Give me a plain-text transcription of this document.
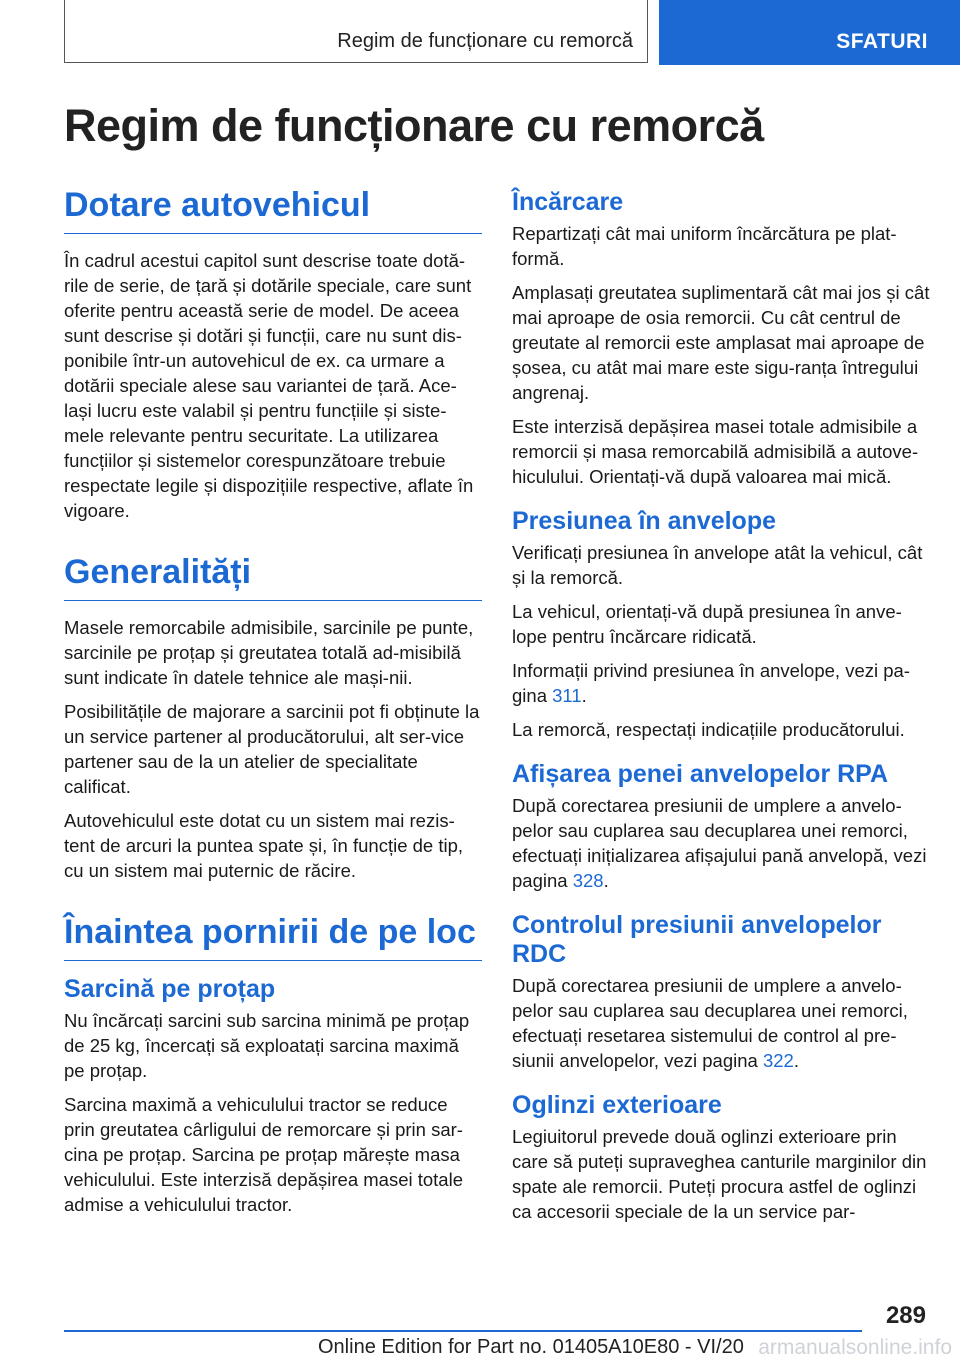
Regim de funcționare cu remorcă	SFATURI
Regim de funcționare cu remorcă
Dotare autovehicul

În cadrul acestui capitol sunt descrise toate dotă-rile de serie, de țară și dotările speciale, care sunt oferite pentru această serie de model. De aceea sunt descrise și dotări și funcții, care nu sunt dis-ponibile într-un autovehicul de ex. ca urmare a dotării speciale alese sau variantei de țară. Ace-lași lucru este valabil și pentru funcțiile și siste-mele relevante pentru securitate. La utilizarea funcțiilor și sistemelor corespunzătoare trebuie respectate legile și dispozițiile respective, aflate în vigoare.

Generalități

Masele remorcabile admisibile, sarcinile pe punte, sarcinile pe proțap și greutatea totală ad-misibilă sunt indicate în datele tehnice ale mași-nii.

Posibilitățile de majorare a sarcinii pot fi obținute la un service partener al producătorului, alt ser-vice partener sau de la un atelier de specialitate calificat.

Autovehiculul este dotat cu un sistem mai rezis-tent de arcuri la puntea spate și, în funcție de tip, cu un sistem mai puternic de răcire.

Înaintea pornirii de pe loc
Sarcină pe proțap

Nu încărcați sarcini sub sarcina minimă pe proțap de 25 kg, încercați să exploatați sarcina maximă pe proțap.

Sarcina maximă a vehiculului tractor se reduce prin greutatea cârligului de remorcare și prin sar-cina pe proțap. Sarcina pe proțap mărește masa vehiculului. Este interzisă depășirea masei totale admise a vehiculului tractor.

Încărcare

Repartizați cât mai uniform încărcătura pe plat-formă.

Amplasați greutatea suplimentară cât mai jos și cât mai aproape de osia remorcii. Cu cât centrul de greutate al remorcii este amplasat mai aproape de șosea, cu atât mai mare este sigu-ranța întregului angrenaj.

Este interzisă depășirea masei totale admisibile a remorcii și masa remorcabilă admisibilă a autove-hiculului. Orientați-vă după valoarea mai mică.

Presiunea în anvelope

Verificați presiunea în anvelope atât la vehicul, cât și la remorcă.

La vehicul, orientați-vă după presiunea în anve-lope pentru încărcare ridicată.

Informații privind presiunea în anvelope, vezi pa-gina 311.

La remorcă, respectați indicațiile producătorului.

Afișarea penei anvelopelor RPA

După corectarea presiunii de umplere a anvelo-pelor sau cuplarea sau decuplarea unei remorci, efectuați inițializarea afișajului pană anvelopă, vezi pagina 328.

Controlul presiunii anvelopelor RDC

După corectarea presiunii de umplere a anvelo-pelor sau cuplarea sau decuplarea unei remorci, efectuați resetarea sistemului de control al pre-siunii anvelopelor, vezi pagina 322.

Oglinzi exterioare

Legiuitorul prevede două oglinzi exterioare prin care să puteți supraveghea canturile marginilor din spate ale remorcii. Puteți procura astfel de oglinzi ca accesorii speciale de la un service par-

289
Online Edition for Part no. 01405A10E80 - VI/20 armanualsonline.info
